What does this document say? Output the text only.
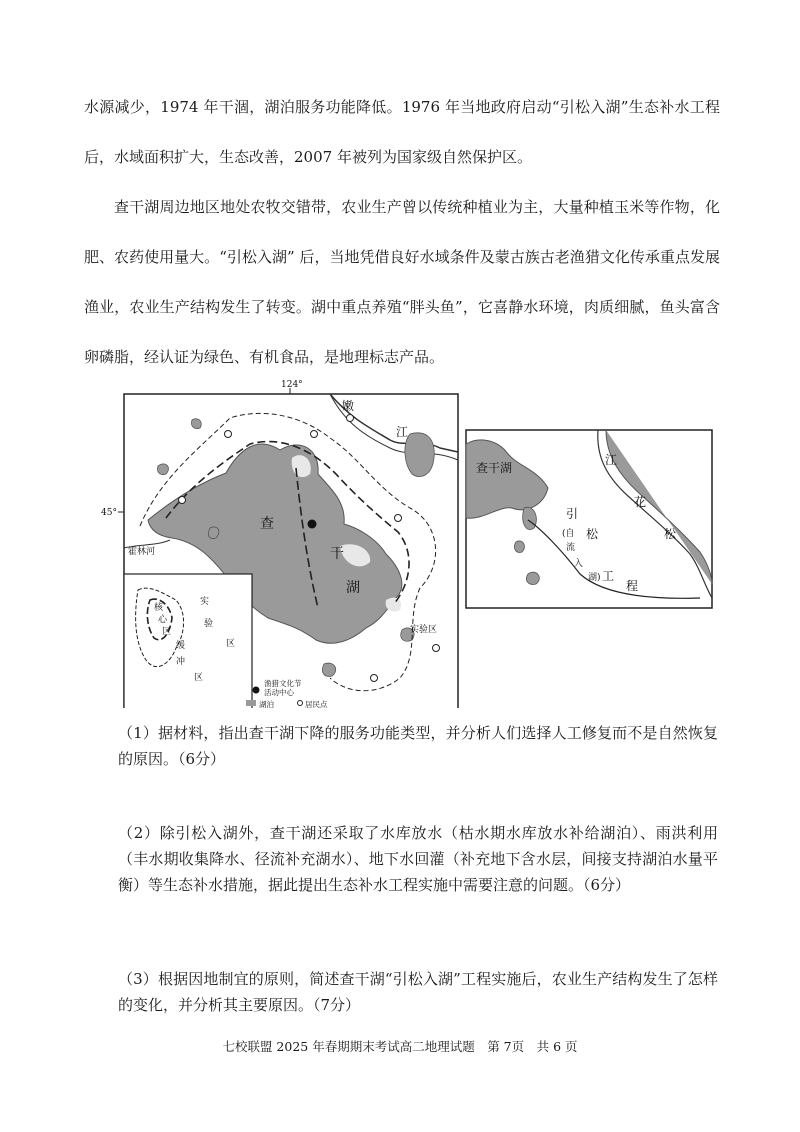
水源减少，1974 年干涸，湖泊服务功能降低。1976 年当地政府启动“引松入湖”生态补水工程后，水域面积扩大，生态改善，2007 年被列为国家级自然保护区。

查干湖周边地区地处农牧交错带，农业生产曾以传统种植业为主，大量种植玉米等作物，化肥、农药使用量大。“引松入湖” 后，当地凭借良好水域条件及蒙古族古老渔猎文化传承重点发展渔业，农业生产结构发生了转变。湖中重点养殖“胖头鱼”，它喜静水环境，肉质细腻，鱼头富含卵磷脂，经认证为绿色、有机食品，是地理标志产品。

124°
45°
嫩
江
查
干
湖
霍林河
实验区
核
心
区
实
验
区
缓
冲
区
渔猎文化节
活动中心
湖泊	居民点
查干湖
江
花
松
引
松
工
程
(自
流
入
湖)

（1）据材料，指出查干湖下降的服务功能类型，并分析人们选择人工修复而不是自然恢复的原因。（6分）

（2）除引松入湖外，查干湖还采取了水库放水（枯水期水库放水补给湖泊）、雨洪利用（丰水期收集降水、径流补充湖水）、地下水回灌（补充地下含水层，间接支持湖泊水量平衡）等生态补水措施，据此提出生态补水工程实施中需要注意的问题。（6分）

（3）根据因地制宜的原则，简述查干湖“引松入湖”工程实施后，农业生产结构发生了怎样的变化，并分析其主要原因。（7分）

七校联盟 2025 年春期期末考试高二地理试题　第 7页　共 6 页
